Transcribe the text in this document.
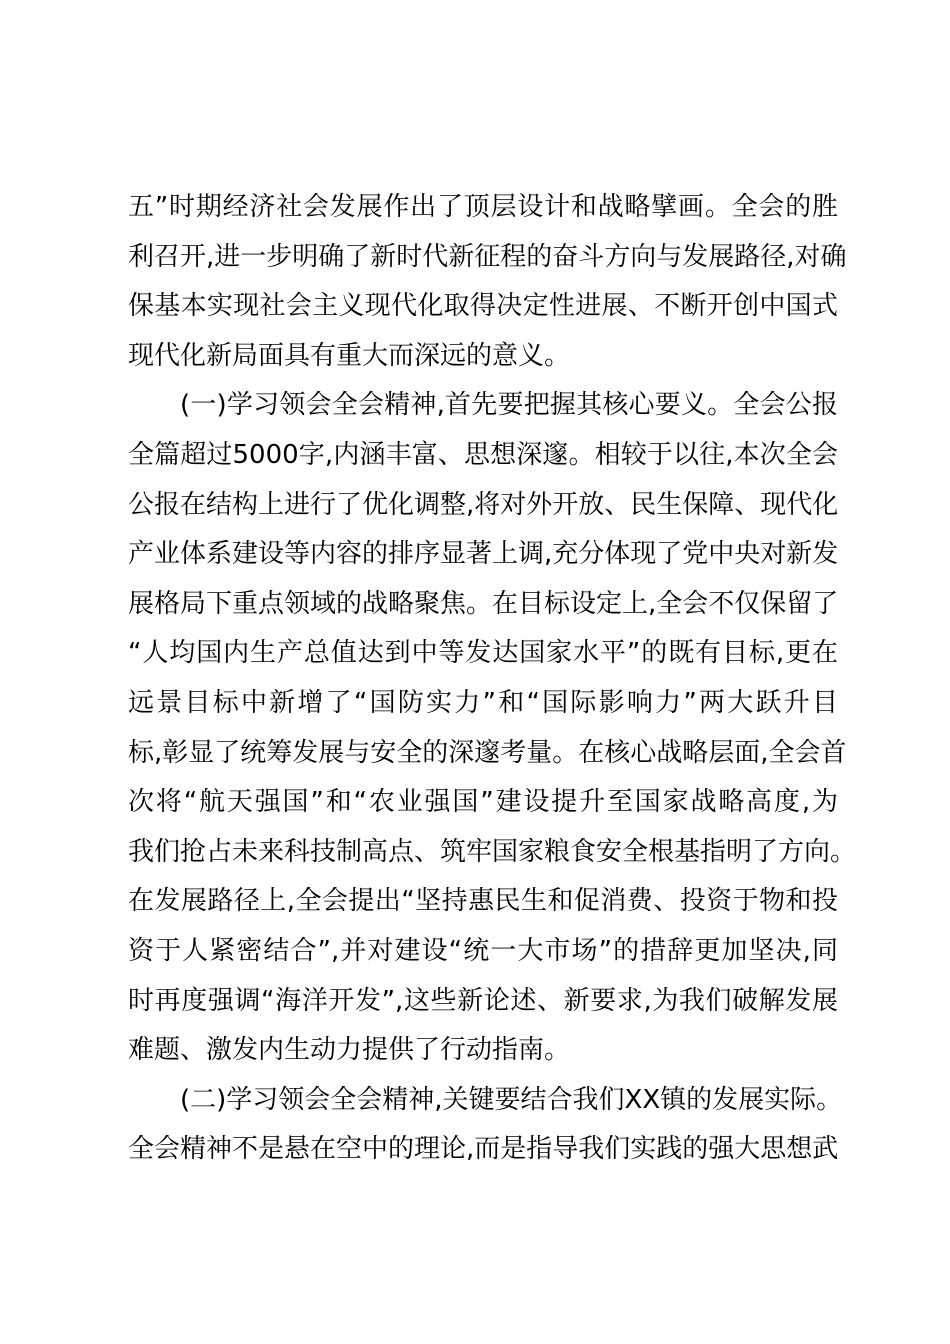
五”时期经济社会发展作出了顶层设计和战略擘画。全会的胜
利召开,进一步明确了新时代新征程的奋斗方向与发展路径,对确
保基本实现社会主义现代化取得决定性进展、不断开创中国式
现代化新局面具有重大而深远的意义。
(一)学习领会全会精神,首先要把握其核心要义。全会公报
全篇超过5000字,内涵丰富、思想深邃。相较于以往,本次全会
公报在结构上进行了优化调整,将对外开放、民生保障、现代化
产业体系建设等内容的排序显著上调,充分体现了党中央对新发
展格局下重点领域的战略聚焦。在目标设定上,全会不仅保留了
“人均国内生产总值达到中等发达国家水平”的既有目标,更在
远景目标中新增了“国防实力”和“国际影响力”两大跃升目
标,彰显了统筹发展与安全的深邃考量。在核心战略层面,全会首
次将“航天强国”和“农业强国”建设提升至国家战略高度,为
我们抢占未来科技制高点、筑牢国家粮食安全根基指明了方向。
在发展路径上,全会提出“坚持惠民生和促消费、投资于物和投
资于人紧密结合”,并对建设“统一大市场”的措辞更加坚决,同
时再度强调“海洋开发”,这些新论述、新要求,为我们破解发展
难题、激发内生动力提供了行动指南。
(二)学习领会全会精神,关键要结合我们XX镇的发展实际。
全会精神不是悬在空中的理论,而是指导我们实践的强大思想武
